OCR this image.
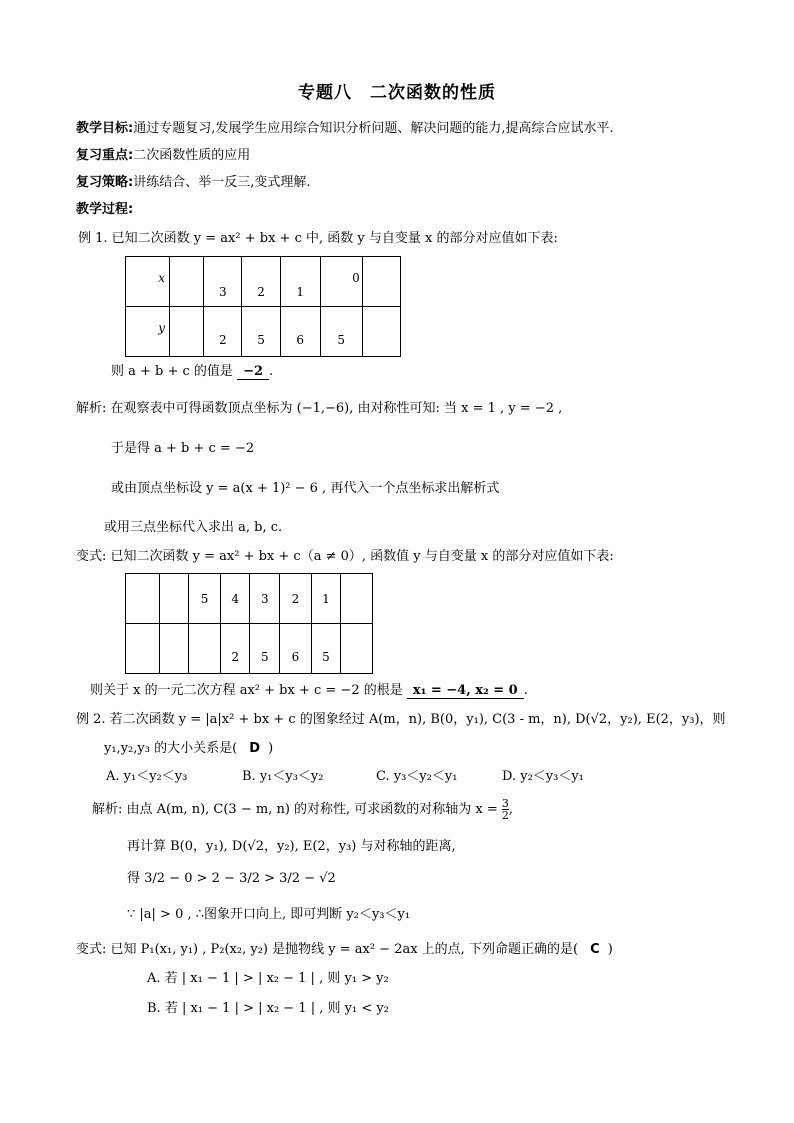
专题八　二次函数的性质
教学目标:通过专题复习,发展学生应用综合知识分析问题、解决问题的能力,提高综合应试水平.
复习重点:二次函数性质的应用
复习策略:讲练结合、举一反三,变式理解.
教学过程:
例 1. 已知二次函数 y = ax² + bx + c 中, 函数 y 与自变量 x 的部分对应值如下表:
x		3	2	1	0	

y		2	5	6	5	

则 a + b + c 的值是 −2 .
解析: 在观察表中可得函数顶点坐标为 (−1,−6), 由对称性可知: 当 x = 1 , y = −2 ,
于是得 a + b + c = −2
或由顶点坐标设 y = a(x + 1)² − 6 , 再代入一个点坐标求出解析式
或用三点坐标代入求出 a, b, c.
变式: 已知二次函数 y = ax² + bx + c（a ≠ 0）, 函数值 y 与自变量 x 的部分对应值如下表:
		5	4	3	2	1	

			2	5	6	5	

则关于 x 的一元二次方程 ax² + bx + c = −2 的根是 x₁ = −4, x₂ = 0 .
例 2. 若二次函数 y = |a|x² + bx + c 的图象经过 A(m，n), B(0，y₁), C(3 - m，n), D(√2，y₂), E(2，y₃)，则
y₁,y₂,y₃ 的大小关系是( D )
A. y₁＜y₂＜y₃	B. y₁＜y₃＜y₂	C. y₃＜y₂＜y₁	D. y₂＜y₃＜y₁
解析: 由点 A(m, n), C(3 − m, n) 的对称性, 可求函数的对称轴为 $x = \frac{3}{2}$ ,
再计算 B(0，y₁), D(√2，y₂), E(2，y₃) 与对称轴的距离,
得 3/2 − 0 > 2 − 3/2 > 3/2 − √2
∵ |a| > 0 , ∴图象开口向上, 即可判断 y₂＜y₃＜y₁
变式: 已知 P₁(x₁, y₁) , P₂(x₂, y₂) 是抛物线 y = ax² − 2ax 上的点, 下列命题正确的是( C )
A. 若 | x₁ − 1 | > | x₂ − 1 | , 则 y₁ > y₂
B. 若 | x₁ − 1 | > | x₂ − 1 | , 则 y₁ < y₂
